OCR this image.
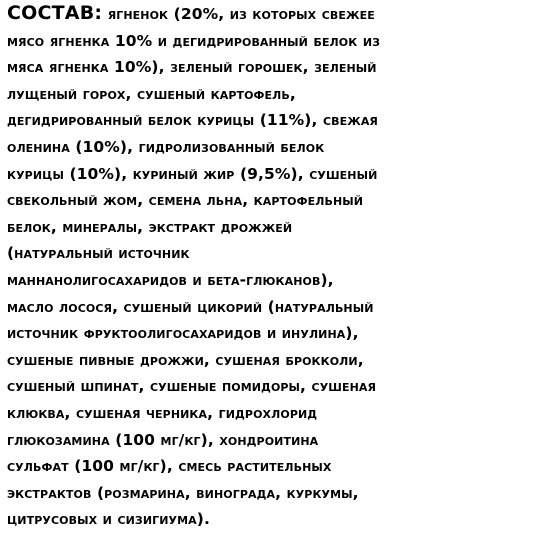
СОСТАВ: ягненок (20%, из которых свежее
мясо ягненка 10% и дегидрированный белок из
мяса ягненка 10%), зеленый горошек, зеленый
лущеный горох, сушеный картофель,
дегидрированный белок курицы (11%), свежая
оленина (10%), гидролизованный белок
курицы (10%), куриный жир (9,5%), сушеный
свекольный жом, семена льна, картофельный
белок, минералы, экстракт дрожжей
(натуральный источник
маннанолигосахаридов и бета-глюканов),
масло лосося, сушеный цикорий (натуральный
источник фруктоолигосахаридов и инулина),
сушеные пивные дрожжи, сушеная брокколи,
сушеный шпинат, сушеные помидоры, сушеная
клюква, сушеная черника, гидрохлорид
глюкозамина (100 мг/кг), хондроитина
сульфат (100 мг/кг), смесь растительных
экстрактов (розмарина, винограда, куркумы,
цитрусовых и сизигиума).
